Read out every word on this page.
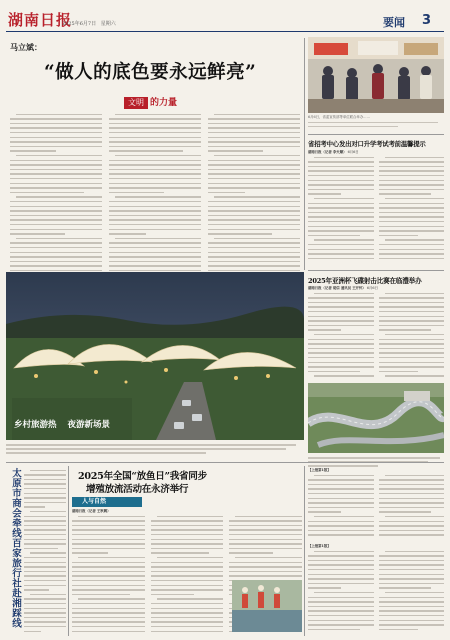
湖南日报
2025年6月7日 星期六	要闻 3
马立斌：
“做人的底色要永远鲜亮”
文明 的力量
6月6日，省委宣传部等单位联合举办……
省招考中心发出对口升学考试考前温馨提示
湖南日报（记者 李夫顺） 6月6日
2025年亚洲杯飞碟射击比赛在临澧举办
湖南日报（记者 胡信 通讯员 王开怀） 6月6日
乡村旅游热 夜游新场景
太原市商会牵线百家旅行社赴湘踩线	2025年全国“放鱼日”我省同步
增殖放流活动在永济举行
人与自然
湖南日报（记者 王秋鹤）
【上接第1版】
【上接第1版】
